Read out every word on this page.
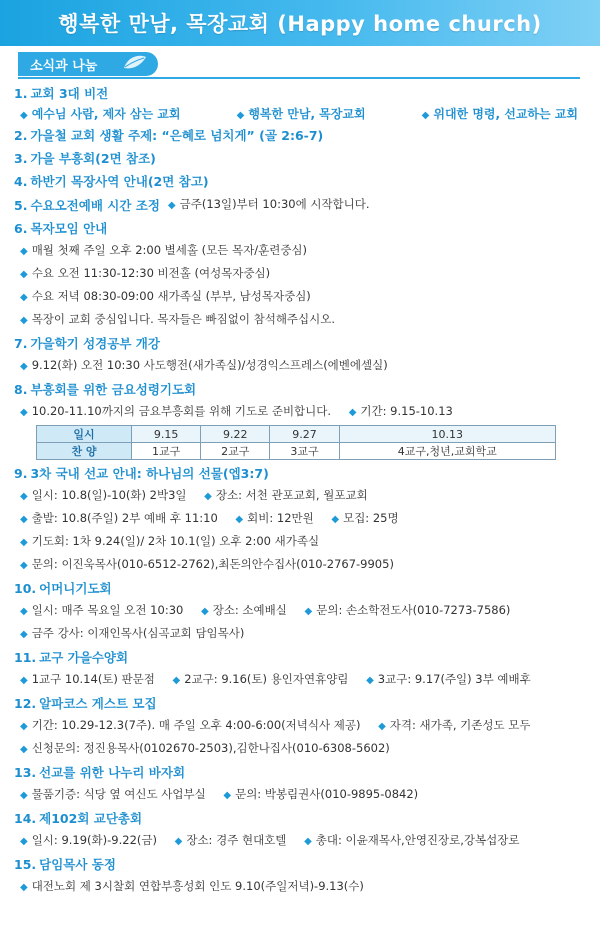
행복한 만남, 목장교회 (Happy home church)
소식과 나눔
1. 교회 3대 비전
◆ 예수님 사람, 제자 삼는 교회	◆ 행복한 만남, 목장교회	◆ 위대한 명령, 선교하는 교회
2. 가을철 교회 생활 주제: “은혜로 넘치게” (골 2:6-7)
3. 가을 부흥회(2면 참조)
4. 하반기 목장사역 안내(2면 참고)
5. 수요오전예배 시간 조정 ◆ 금주(13일)부터 10:30에 시작합니다.
6. 목자모임 안내
◆ 매월 첫째 주일 오후 2:00 별세홀 (모든 목자/훈련중심)
◆ 수요 오전 11:30-12:30 비전홀 (여성목자중심)
◆ 수요 저녁 08:30-09:00 새가족실 (부부, 남성목자중심)
◆ 목장이 교회 중심입니다. 목자들은 빠짐없이 참석해주십시오.
7. 가을학기 성경공부 개강
◆ 9.12(화) 오전 10:30 사도행전(새가족실)/성경익스프레스(에벤에셀실)
8. 부흥회를 위한 금요성령기도회
◆ 10.20-11.10까지의 금요부흥회를 위해 기도로 준비합니다. ◆ 기간: 9.15-10.13
일시	9.15	9.22	9.27	10.13
찬 양	1교구	2교구	3교구	4교구,청년,교회학교
9. 3차 국내 선교 안내: 하나님의 선물(엡3:7)
◆ 일시: 10.8(일)-10(화) 2박3일 ◆ 장소: 서천 관포교회, 월포교회
◆ 출발: 10.8(주일) 2부 예배 후 11:10 ◆ 회비: 12만원 ◆ 모집: 25명
◆ 기도회: 1차 9.24(일)/ 2차 10.1(일) 오후 2:00 새가족실
◆ 문의: 이진욱목사(010-6512-2762),최돈의안수집사(010-2767-9905)
10. 어머니기도회
◆ 일시: 매주 목요일 오전 10:30 ◆ 장소: 소예배실 ◆ 문의: 손소학전도사(010-7273-7586)
◆ 금주 강사: 이재인목사(심곡교회 담임목사)
11. 교구 가을수양회
◆ 1교구 10.14(토) 판문점 ◆ 2교구: 9.16(토) 용인자연휴양림 ◆ 3교구: 9.17(주일) 3부 예배후
12. 알파코스 게스트 모집
◆ 기간: 10.29-12.3(7주). 매 주일 오후 4:00-6:00(저녁식사 제공) ◆ 자격: 새가족, 기존성도 모두
◆ 신청문의: 정진용목사(0102670-2503),김한나집사(010-6308-5602)
13. 선교를 위한 나누리 바자회
◆ 물품기증: 식당 옆 여신도 사업부실 ◆ 문의: 박봉림권사(010-9895-0842)
14. 제102회 교단총회
◆ 일시: 9.19(화)-9.22(금) ◆ 장소: 경주 현대호텔 ◆ 총대: 이윤재목사,안영진장로,강복섭장로
15. 담임목사 동정
◆ 대전노회 제 3시찰회 연합부흥성회 인도 9.10(주일저녁)-9.13(수)
